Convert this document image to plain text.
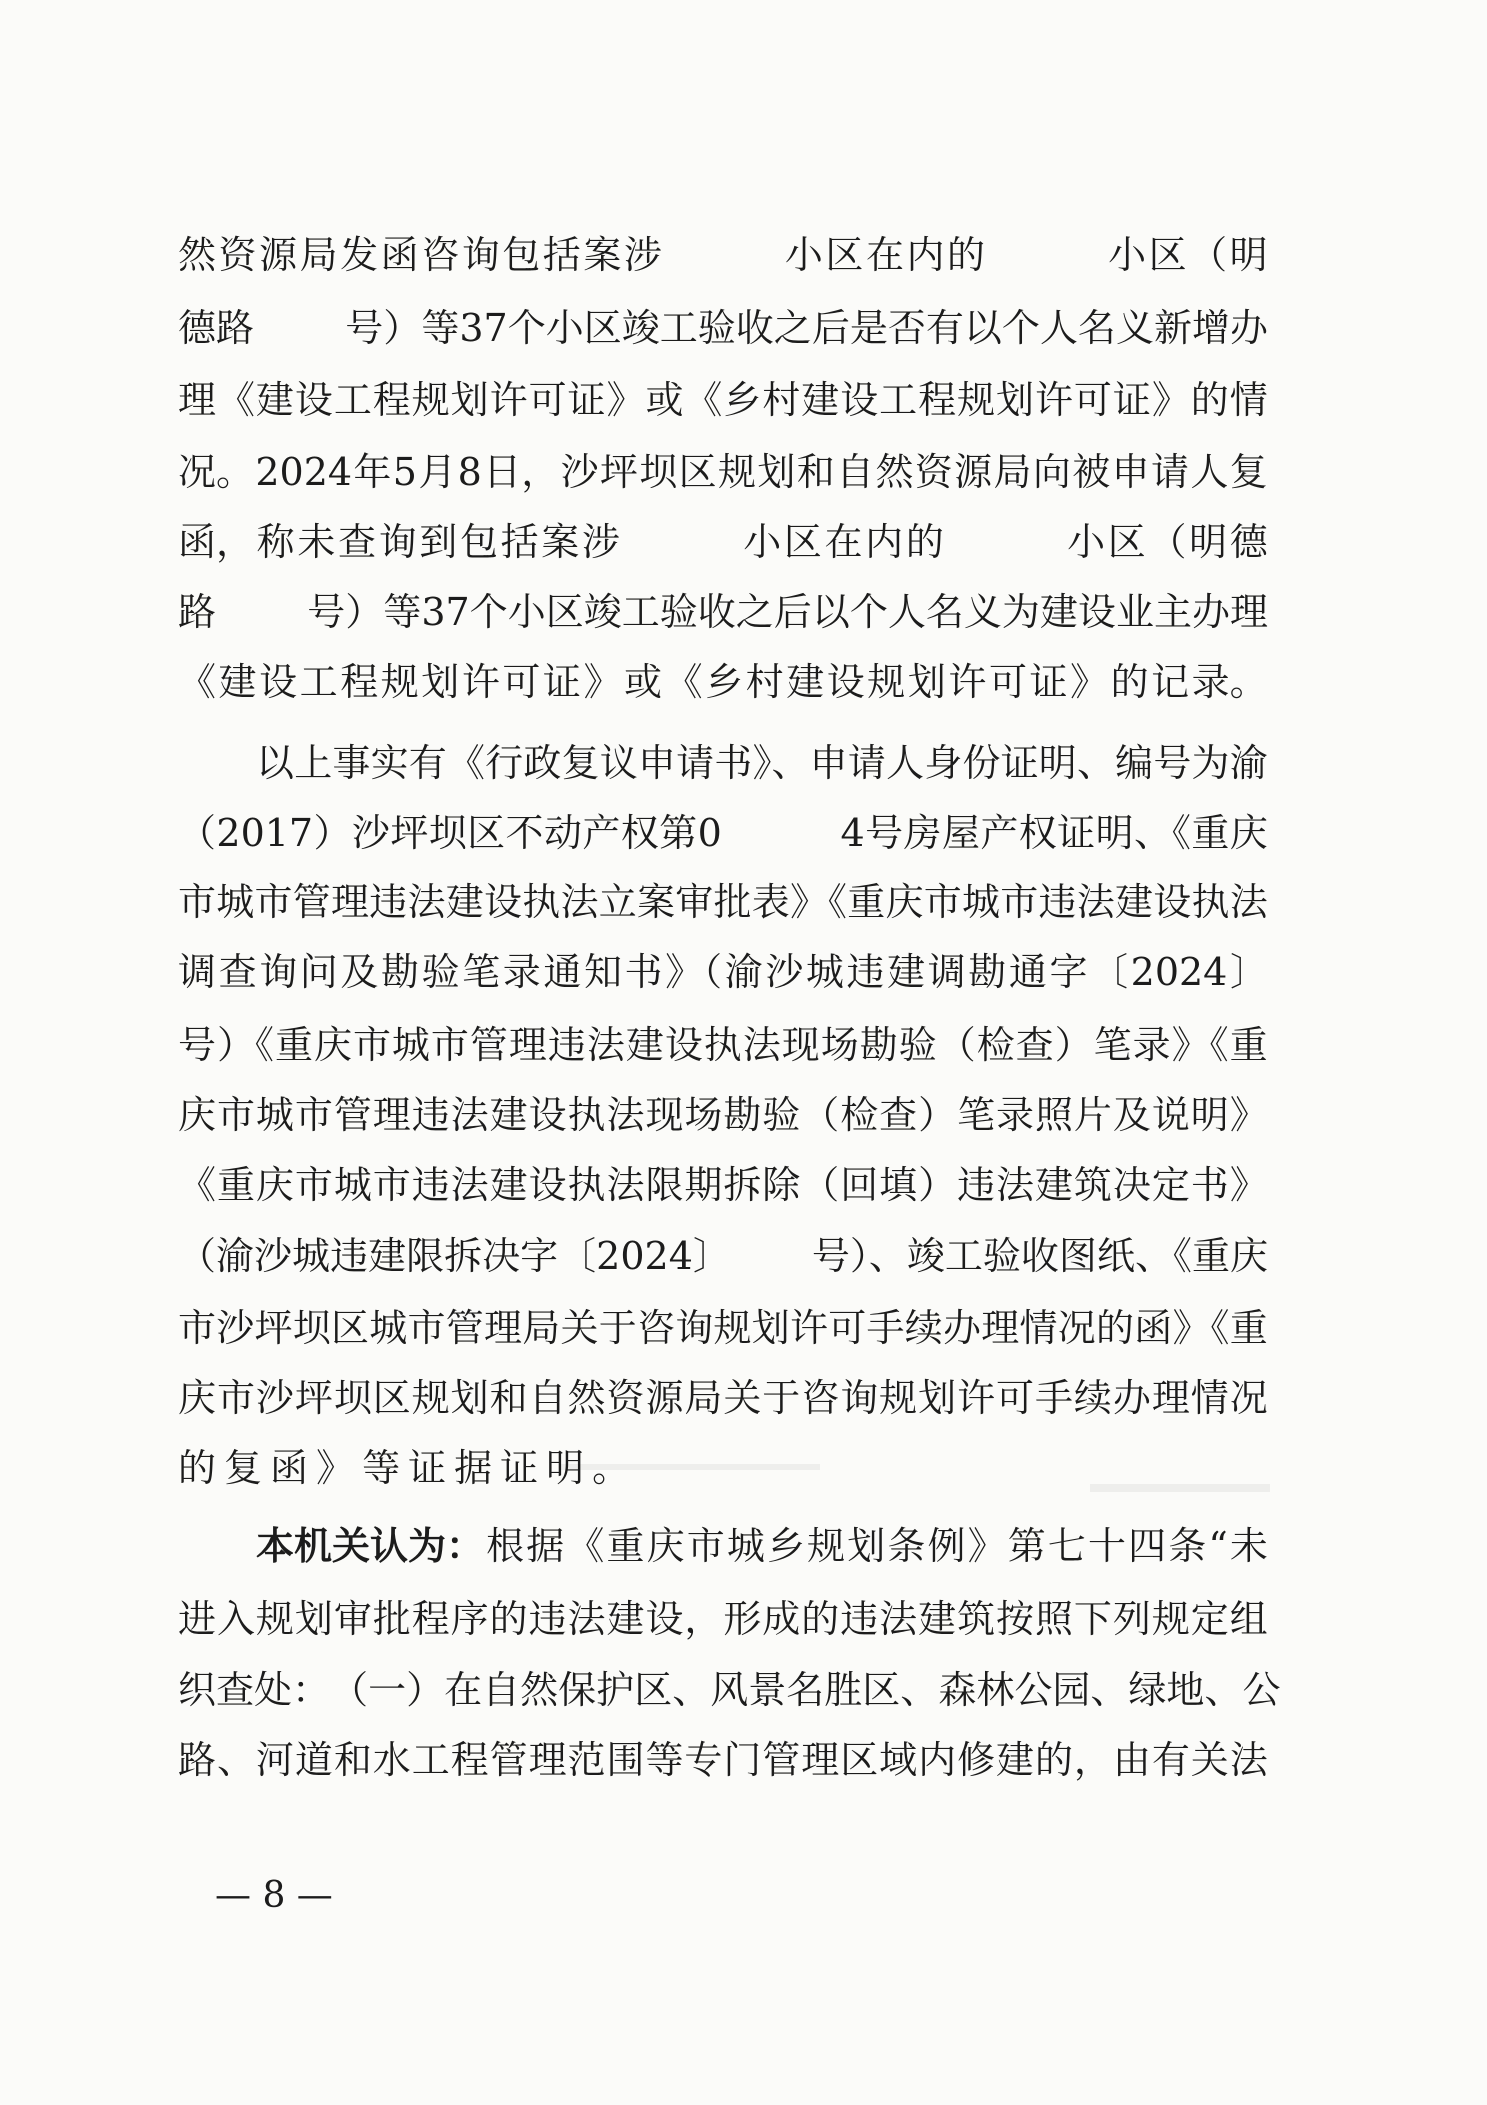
然 资 源 局 发 函 咨 询 包 括 案 涉	小 区 在 内 的	小 区 （ 明
德 路 号 ） 等 37 个 小 区 竣 工 验 收 之 后 是 否 有 以 个 人 名 义 新 增 办
理 《 建 设 工 程 规 划 许 可 证 》 或 《 乡 村 建 设 工 程 规 划 许 可 证 》 的 情
况。 2024 年 5 月 8 日， 沙 坪 坝 区 规 划 和 自 然 资 源 局 向 被 申 请 人 复
函， 称 未 查 询 到 包 括 案 涉	小 区 在 内 的	小 区 （ 明 德
路 号 ） 等 37 个 小 区 竣 工 验 收 之 后 以 个 人 名 义 为 建 设 业 主 办 理
《 建 设 工 程 规 划 许 可 证 》 或 《 乡 村 建 设 规 划 许 可 证 》 的 记 录。
以 上 事 实 有 《 行 政 复 议 申 请 书 》、 申 请 人 身 份 证 明 、 编 号 为 渝
（ 2017 ） 沙 坪 坝 区 不 动 产 权 第 0	4 号 房 屋 产 权 证 明 、《 重 庆
市 城 市 管 理 违 法 建 设 执 法 立 案 审 批 表 》《 重 庆 市 城 市 违 法 建 设 执 法
调 查 询 问 及 勘 验 笔 录 通 知 书 》（ 渝 沙 城 违 建 调 勘 通 字 〔 2024 〕
号 ）《 重 庆 市 城 市 管 理 违 法 建 设 执 法 现 场 勘 验 （ 检 查 ） 笔 录 》《 重
庆 市 城 市 管 理 违 法 建 设 执 法 现 场 勘 验 （ 检 查 ） 笔 录 照 片 及 说 明 》
《 重 庆 市 城 市 违 法 建 设 执 法 限 期 拆 除 （ 回 填 ） 违 法 建 筑 决 定 书 》
（ 渝 沙 城 违 建 限 拆 决 字 〔 2024 〕 号 ）、 竣 工 验 收 图 纸 、《 重 庆
市 沙 坪 坝 区 城 市 管 理 局 关 于 咨 询 规 划 许 可 手 续 办 理 情 况 的 函 》《 重
庆 市 沙 坪 坝 区 规 划 和 自 然 资 源 局 关 于 咨 询 规 划 许 可 手 续 办 理 情 况
的 复 函 》 等 证 据 证 明 。
本机关认为： 根 据 《 重 庆 市 城 乡 规 划 条 例 》 第 七 十 四 条 “ 未
进 入 规 划 审 批 程 序 的 违 法 建 设 ， 形 成 的 违 法 建 筑 按 照 下 列 规 定 组
织 查 处 ： （ 一 ） 在 自 然 保 护 区 、 风 景 名 胜 区 、 森 林 公 园 、 绿 地 、 公
路 、 河 道 和 水 工 程 管 理 范 围 等 专 门 管 理 区 域 内 修 建 的 ， 由 有 关 法
— 8 —
